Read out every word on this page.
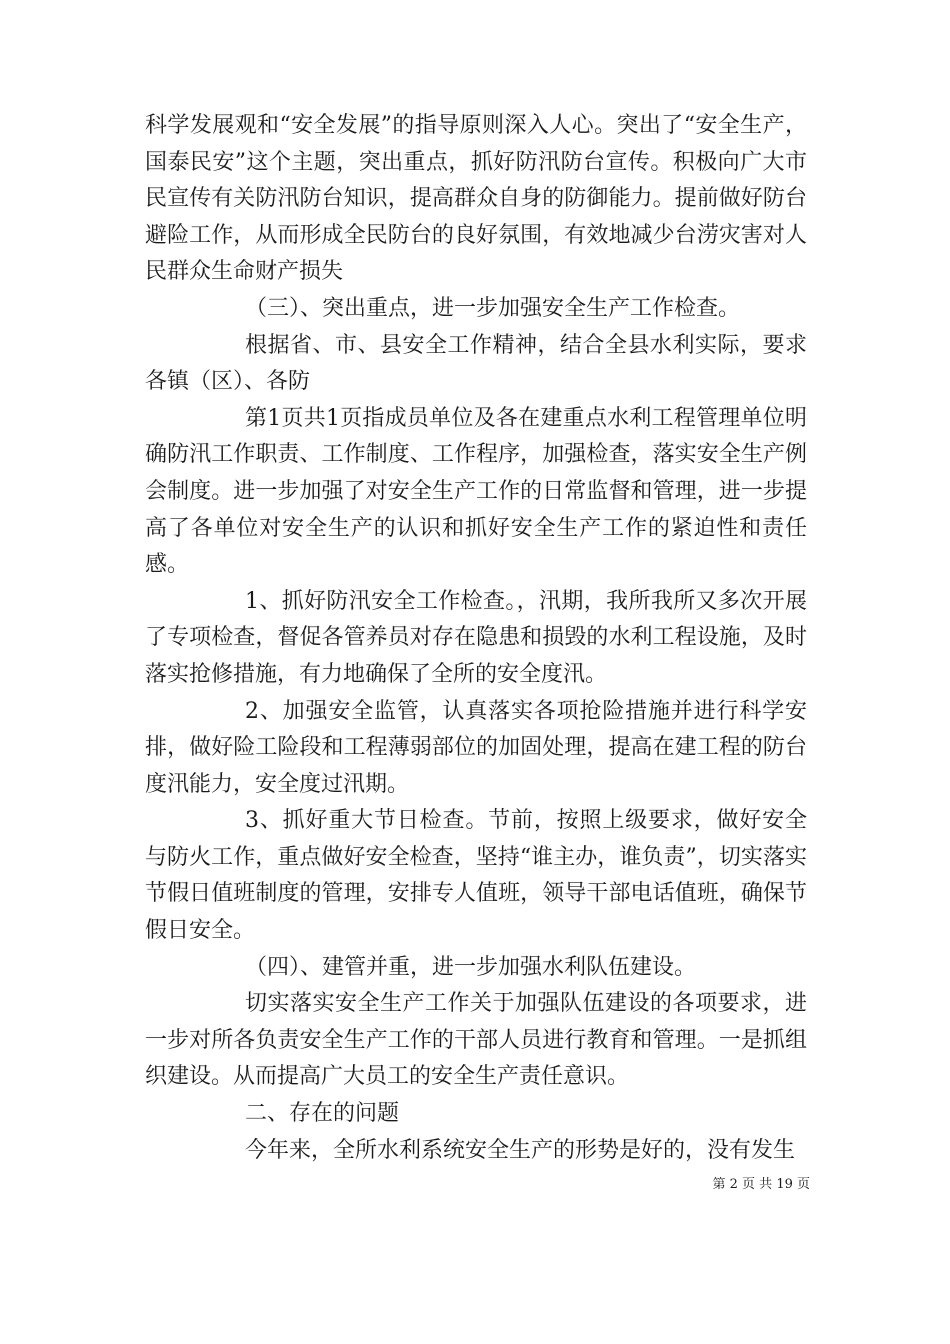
科学发展观和“安全发展”的指导原则深入人心。突出了“安全生产，国泰民安”这个主题，突出重点，抓好防汛防台宣传。积极向广大市民宣传有关防汛防台知识，提高群众自身的防御能力。提前做好防台避险工作，从而形成全民防台的良好氛围，有效地减少台涝灾害对人民群众生命财产损失

（三）、突出重点，进一步加强安全生产工作检查。

根据省、市、县安全工作精神，结合全县水利实际，要求各镇（区）、各防

第1页共1页指成员单位及各在建重点水利工程管理单位明确防汛工作职责、工作制度、工作程序，加强检查，落实安全生产例会制度。进一步加强了对安全生产工作的日常监督和管理，进一步提高了各单位对安全生产的认识和抓好安全生产工作的紧迫性和责任感。

1、抓好防汛安全工作检查。，汛期，我所我所又多次开展了专项检查，督促各管养员对存在隐患和损毁的水利工程设施，及时落实抢修措施，有力地确保了全所的安全度汛。

2、加强安全监管，认真落实各项抢险措施并进行科学安排，做好险工险段和工程薄弱部位的加固处理，提高在建工程的防台度汛能力，安全度过汛期。

3、抓好重大节日检查。节前，按照上级要求，做好安全与防火工作，重点做好安全检查，坚持“谁主办，谁负责”，切实落实节假日值班制度的管理，安排专人值班，领导干部电话值班，确保节假日安全。

（四）、建管并重，进一步加强水利队伍建设。

切实落实安全生产工作关于加强队伍建设的各项要求，进一步对所各负责安全生产工作的干部人员进行教育和管理。一是抓组织建设。从而提高广大员工的安全生产责任意识。

二、存在的问题

今年来，全所水利系统安全生产的形势是好的，没有发生

第 2 页 共 19 页
